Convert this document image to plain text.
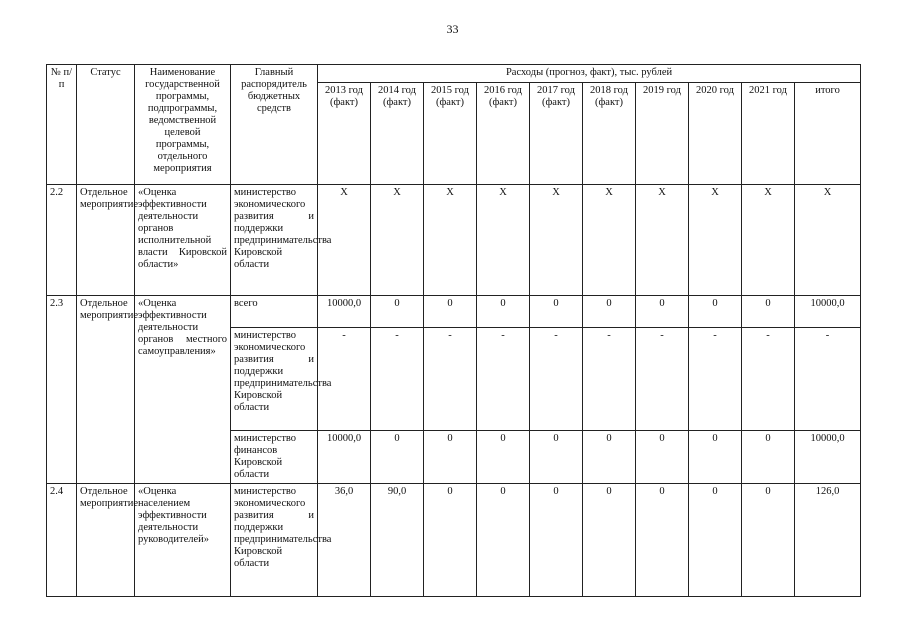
33
№ п/п	Статус	Наименование государственной программы, подпрограммы, ведомственной целевой программы, отдельного мероприятия	Главный распорядитель бюджетных средств	Расходы (прогноз, факт), тыс. рублей									
				2013 год (факт)	2014 год (факт)	2015 год (факт)	2016 год (факт)	2017 год (факт)	2018 год (факт)	2019 год	2020 год	2021 год	итого
2.2	Отдельное мероприятие	«Оценка эффективности деятельности органов исполнительной власти Кировской области»	министерство экономического развития и поддержки предпринимательства Кировской области	X	X	X	X	X	X	X	X	X	X
2.3	Отдельное мероприятие	«Оценка эффективности деятельности органов местного самоуправления»	всего	10000,0	0	0	0	0	0	0	0	0	10000,0
			министерство экономического развития и поддержки предпринимательства Кировской области	-	-	-	-	-	-	-	-	-	-
			министерство финансов Кировской области	10000,0	0	0	0	0	0	0	0	0	10000,0
2.4	Отдельное мероприятие	«Оценка населением эффективности деятельности руководителей»	министерство экономического развития и поддержки предпринимательства Кировской области	36,0	90,0	0	0	0	0	0	0	0	126,0
